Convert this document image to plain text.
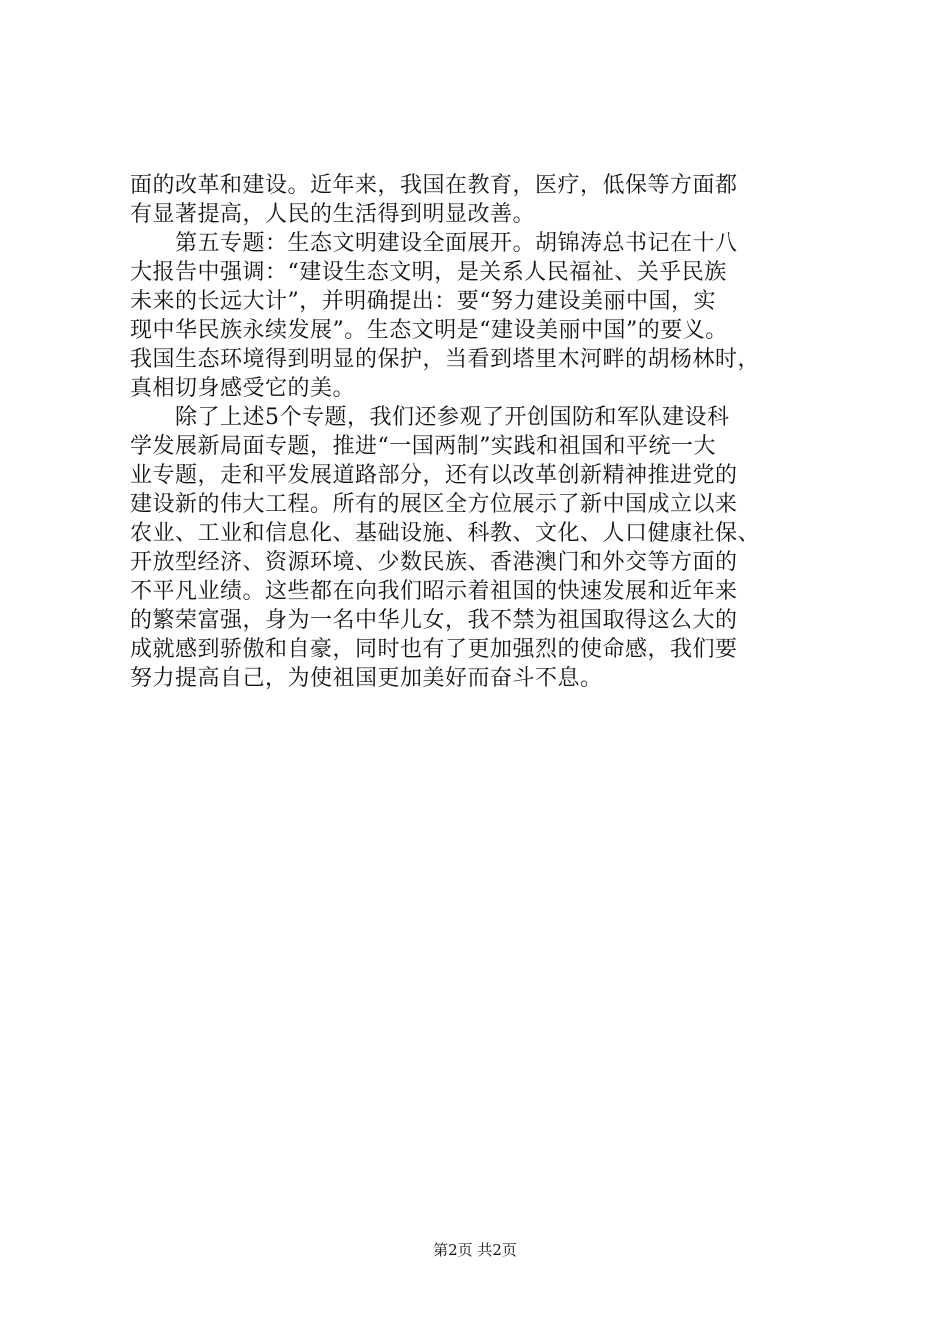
面的改革和建设。近年来，我国在教育，医疗，低保等方面都
有显著提高，人民的生活得到明显改善。
　　第五专题：生态文明建设全面展开。胡锦涛总书记在十八
大报告中强调：“建设生态文明，是关系人民福祉、关乎民族
未来的长远大计”，并明确提出：要“努力建设美丽中国，实
现中华民族永续发展”。生态文明是“建设美丽中国”的要义。
我国生态环境得到明显的保护，当看到塔里木河畔的胡杨林时，
真相切身感受它的美。
　　除了上述5个专题，我们还参观了开创国防和军队建设科
学发展新局面专题，推进“一国两制”实践和祖国和平统一大
业专题，走和平发展道路部分，还有以改革创新精神推进党的
建设新的伟大工程。所有的展区全方位展示了新中国成立以来
农业、工业和信息化、基础设施、科教、文化、人口健康社保、
开放型经济、资源环境、少数民族、香港澳门和外交等方面的
不平凡业绩。这些都在向我们昭示着祖国的快速发展和近年来
的繁荣富强，身为一名中华儿女，我不禁为祖国取得这么大的
成就感到骄傲和自豪，同时也有了更加强烈的使命感，我们要
努力提高自己，为使祖国更加美好而奋斗不息。
第2页 共2页
